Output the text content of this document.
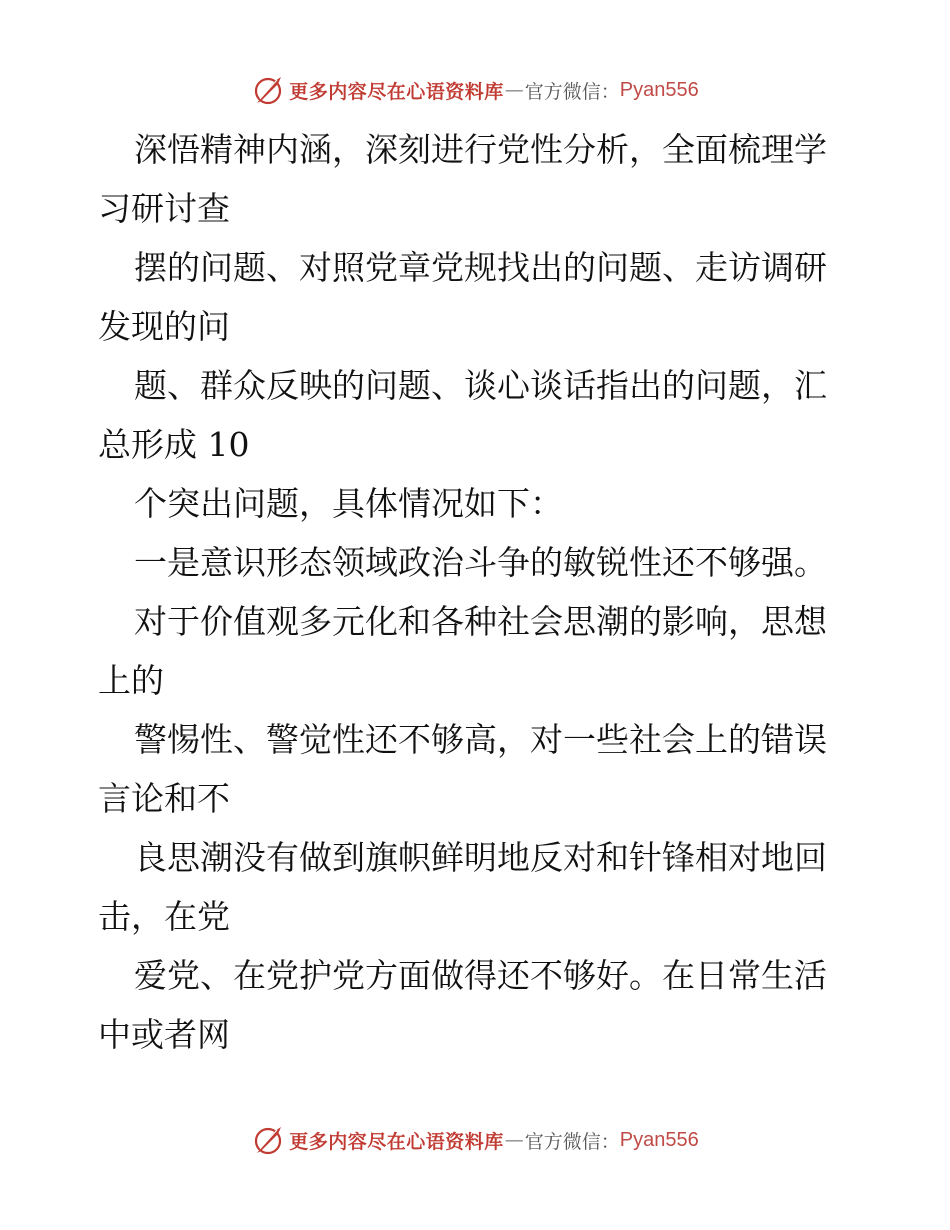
更多内容尽在心语资料库 — 官方微信： Pyan556
深悟精神内涵，深刻进行党性分析，全面梳理学
习研讨查
摆的问题、对照党章党规找出的问题、走访调研
发现的问
题、群众反映的问题、谈心谈话指出的问题，汇
总形成 10
个突出问题，具体情况如下：
一是意识形态领域政治斗争的敏锐性还不够强。
对于价值观多元化和各种社会思潮的影响，思想
上的
警惕性、警觉性还不够高，对一些社会上的错误
言论和不
良思潮没有做到旗帜鲜明地反对和针锋相对地回
击，在党
爱党、在党护党方面做得还不够好。在日常生活
中或者网
更多内容尽在心语资料库 — 官方微信： Pyan556
